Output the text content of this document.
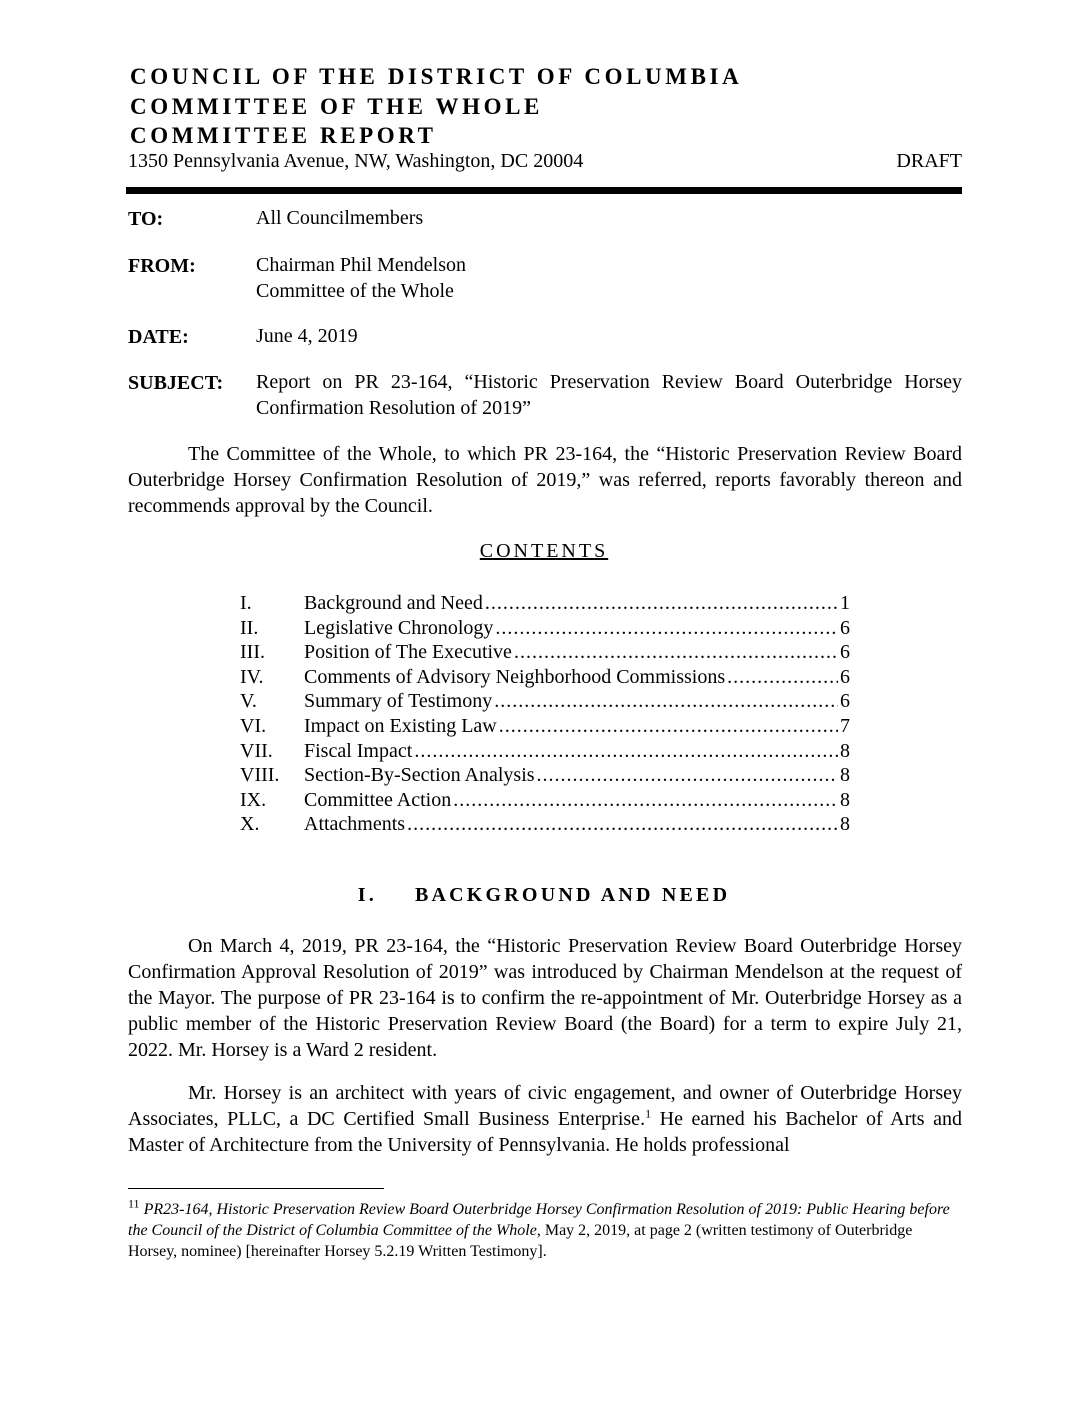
COUNCIL OF THE DISTRICT OF COLUMBIA
COMMITTEE OF THE WHOLE
COMMITTEE REPORT
1350 Pennsylvania Avenue, NW, Washington, DC 20004	DRAFT
TO:	All Councilmembers
FROM:	Chairman Phil Mendelson
Committee of the Whole
DATE:	June 4, 2019
SUBJECT: Report on PR 23-164, “Historic Preservation Review Board Outerbridge Horsey Confirmation Resolution of 2019”

The Committee of the Whole, to which PR 23-164, the “Historic Preservation Review Board Outerbridge Horsey Confirmation Resolution of 2019,” was referred, reports favorably thereon and recommends approval by the Council.

CONTENTS
I.	Background and Need .....	1
II.	Legislative Chronology .....	6
III.	Position of The Executive .....	6
IV.	Comments of Advisory Neighborhood Commissions .....	6
V.	Summary of Testimony .....	6
VI.	Impact on Existing Law .....	7
VII.	Fiscal Impact .....	8
VIII.	Section-By-Section Analysis .....	8
IX.	Committee Action .....	8
X.	Attachments .....	8
I. BACKGROUND AND NEED

On March 4, 2019, PR 23-164, the “Historic Preservation Review Board Outerbridge Horsey Confirmation Approval Resolution of 2019” was introduced by Chairman Mendelson at the request of the Mayor. The purpose of PR 23-164 is to confirm the re-appointment of Mr. Outerbridge Horsey as a public member of the Historic Preservation Review Board (the Board) for a term to expire July 21, 2022. Mr. Horsey is a Ward 2 resident.

Mr. Horsey is an architect with years of civic engagement, and owner of Outerbridge Horsey Associates, PLLC, a DC Certified Small Business Enterprise.$^1$ He earned his Bachelor of Arts and Master of Architecture from the University of Pennsylvania. He holds professional

$^{11}$ PR23-164, Historic Preservation Review Board Outerbridge Horsey Confirmation Resolution of 2019: Public Hearing before the Council of the District of Columbia Committee of the Whole, May 2, 2019, at page 2 (written testimony of Outerbridge Horsey, nominee) [hereinafter Horsey 5.2.19 Written Testimony].
